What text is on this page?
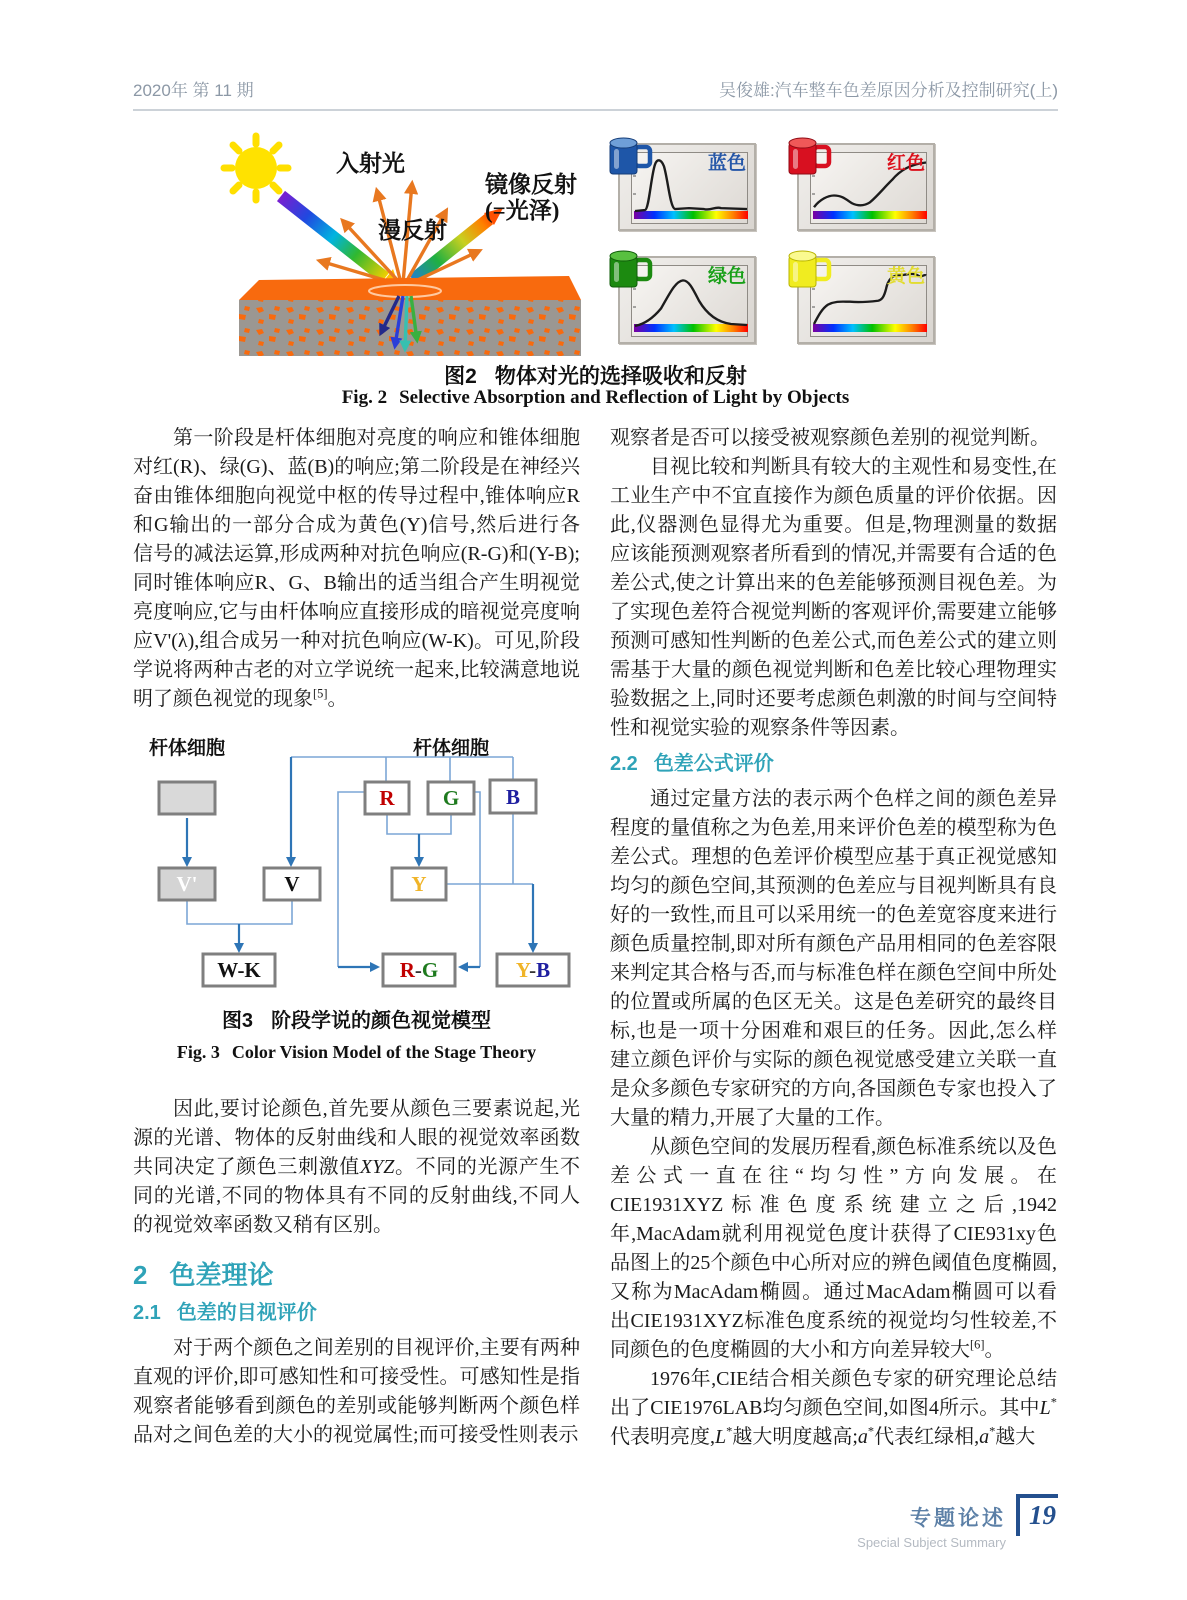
2020年 第 11 期	吴俊雄:汽车整车色差原因分析及控制研究(上)
入射光
漫反射
镜像反射
(=光泽)
蓝色	红色
绿色	黄色
图2 物体对光的选择吸收和反射
Fig. 2 Selective Absorption and Reflection of Light by Objects

第一阶段是杆体细胞对亮度的响应和锥体细胞对红(R)、绿(G)、蓝(B)的响应;第二阶段是在神经兴奋由锥体细胞向视觉中枢的传导过程中,锥体响应R和G输出的一部分合成为黄色(Y)信号,然后进行各信号的减法运算,形成两种对抗色响应(R-G)和(Y-B);同时锥体响应R、G、B输出的适当组合产生明视觉亮度响应,它与由杆体响应直接形成的暗视觉亮度响应V'(λ),组合成另一种对抗色响应(W-K)。可见,阶段学说将两种古老的对立学说统一起来,比较满意地说明了颜色视觉的现象[5]。

杆体细胞	杆体细胞
R G B
V'	V	Y
W-K	R-G	Y-B
图3 阶段学说的颜色视觉模型
Fig. 3 Color Vision Model of the Stage Theory

因此,要讨论颜色,首先要从颜色三要素说起,光源的光谱、物体的反射曲线和人眼的视觉效率函数共同决定了颜色三刺激值XYZ。不同的光源产生不同的光谱,不同的物体具有不同的反射曲线,不同人的视觉效率函数又稍有区别。

2 色差理论
2.1 色差的目视评价

对于两个颜色之间差别的目视评价,主要有两种直观的评价,即可感知性和可接受性。可感知性是指观察者能够看到颜色的差别或能够判断两个颜色样品对之间色差的大小的视觉属性;而可接受性则表示

观察者是否可以接受被观察颜色差别的视觉判断。

目视比较和判断具有较大的主观性和易变性,在工业生产中不宜直接作为颜色质量的评价依据。因此,仪器测色显得尤为重要。但是,物理测量的数据应该能预测观察者所看到的情况,并需要有合适的色差公式,使之计算出来的色差能够预测目视色差。为了实现色差符合视觉判断的客观评价,需要建立能够预测可感知性判断的色差公式,而色差公式的建立则需基于大量的颜色视觉判断和色差比较心理物理实验数据之上,同时还要考虑颜色刺激的时间与空间特性和视觉实验的观察条件等因素。

2.2 色差公式评价

通过定量方法的表示两个色样之间的颜色差异程度的量值称之为色差,用来评价色差的模型称为色差公式。理想的色差评价模型应基于真正视觉感知均匀的颜色空间,其预测的色差应与目视判断具有良好的一致性,而且可以采用统一的色差宽容度来进行颜色质量控制,即对所有颜色产品用相同的色差容限来判定其合格与否,而与标准色样在颜色空间中所处的位置或所属的色区无关。这是色差研究的最终目标,也是一项十分困难和艰巨的任务。因此,怎么样建立颜色评价与实际的颜色视觉感受建立关联一直是众多颜色专家研究的方向,各国颜色专家也投入了大量的精力,开展了大量的工作。

从颜色空间的发展历程看,颜色标准系统以及色差公式一直在往“均匀性”方向发展。在CIE1931XYZ标准色度系统建立之后,1942年,MacAdam就利用视觉色度计获得了CIE931xy色品图上的25个颜色中心所对应的辨色阈值色度椭圆,又称为MacAdam椭圆。通过MacAdam椭圆可以看出CIE1931XYZ标准色度系统的视觉均匀性较差,不同颜色的色度椭圆的大小和方向差异较大[6]。

1976年,CIE结合相关颜色专家的研究理论总结出了CIE1976LAB均匀颜色空间,如图4所示。其中L*代表明亮度,L*越大明度越高;a*代表红绿相,a*越大

专题论述
Special Subject Summary
19
